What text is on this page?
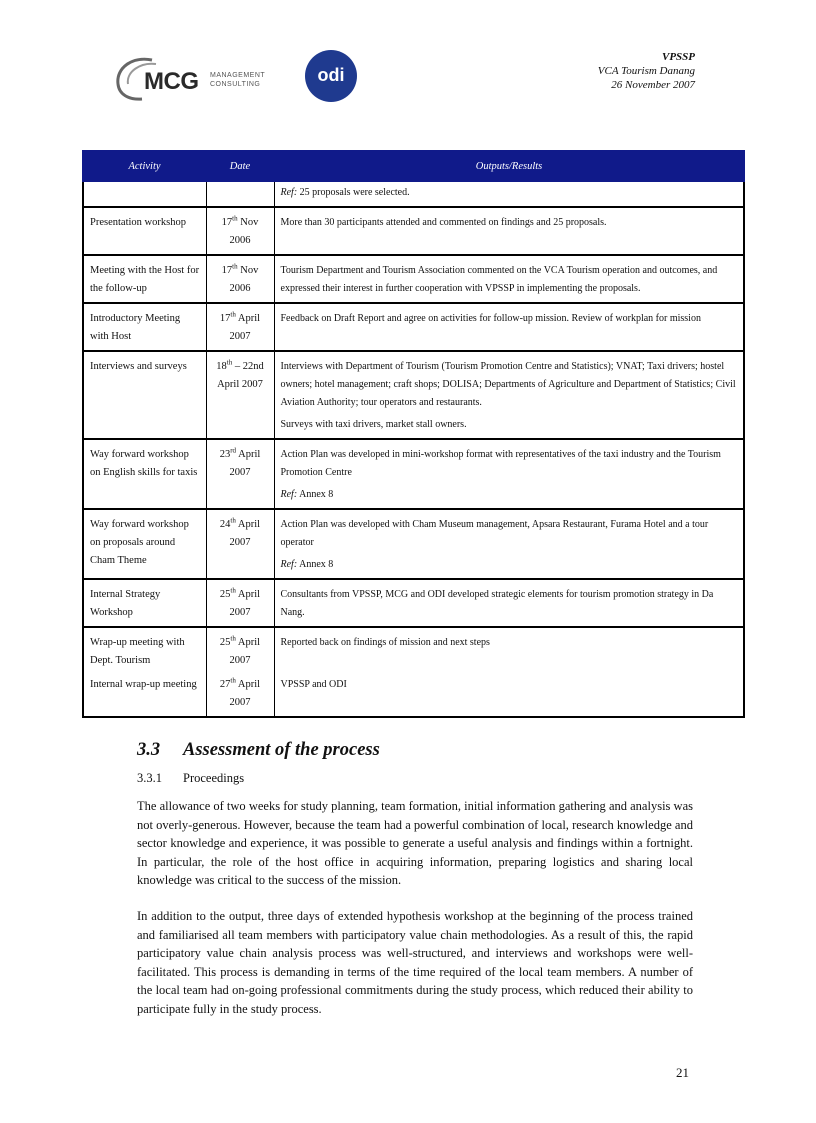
MCG MANAGEMENT
CONSULTING	odi
VPSSP
VCA Tourism Danang
26 November 2007
Activity	Date	Outputs/Results
		Ref: 25 proposals were selected.
Presentation workshop	17th Nov 2006	More than 30 participants attended and commented on findings and 25 proposals.
Meeting with the Host for the follow-up	17th Nov 2006	Tourism Department and Tourism Association commented on the VCA Tourism operation and outcomes, and expressed their interest in further cooperation with VPSSP in implementing the proposals.
Introductory Meeting with Host	17th April 2007	Feedback on Draft Report and agree on activities for follow-up mission. Review of workplan for mission
Interviews and surveys	18th – 22nd April 2007	Interviews with Department of Tourism (Tourism Promotion Centre and Statistics); VNAT; Taxi drivers; hostel owners; hotel management; craft shops; DOLISA; Departments of Agriculture and Department of Statistics; Civil Aviation Authority; tour operators and restaurants.
Surveys with taxi drivers, market stall owners.

Way forward workshop on English skills for taxis	23rd April 2007	Action Plan was developed in mini-workshop format with representatives of the taxi industry and the Tourism Promotion Centre
Ref: Annex 8

Way forward workshop on proposals around Cham Theme	24th April 2007	Action Plan was developed with Cham Museum management, Apsara Restaurant, Furama Hotel and a tour operator
Ref: Annex 8

Internal Strategy Workshop	25th April 2007	Consultants from VPSSP, MCG and ODI developed strategic elements for tourism promotion strategy in Da Nang.
Wrap-up meeting with Dept. Tourism	25th April 2007	Reported back on findings of mission and next steps
Internal wrap-up meeting	27th April 2007	VPSSP and ODI
3.3 Assessment of the process
3.3.1 Proceedings

The allowance of two weeks for study planning, team formation, initial information gathering and analysis was not overly-generous. However, because the team had a powerful combination of local, research knowledge and sector knowledge and experience, it was possible to generate a useful analysis and findings within a fortnight. In particular, the role of the host office in acquiring information, preparing logistics and sharing local knowledge was critical to the success of the mission.

In addition to the output, three days of extended hypothesis workshop at the beginning of the process trained and familiarised all team members with participatory value chain methodologies. As a result of this, the rapid participatory value chain analysis process was well-structured, and interviews and workshops were well-facilitated. This process is demanding in terms of the time required of the local team members. A number of the local team had on-going professional commitments during the study process, which reduced their ability to participate fully in the study process.

21
